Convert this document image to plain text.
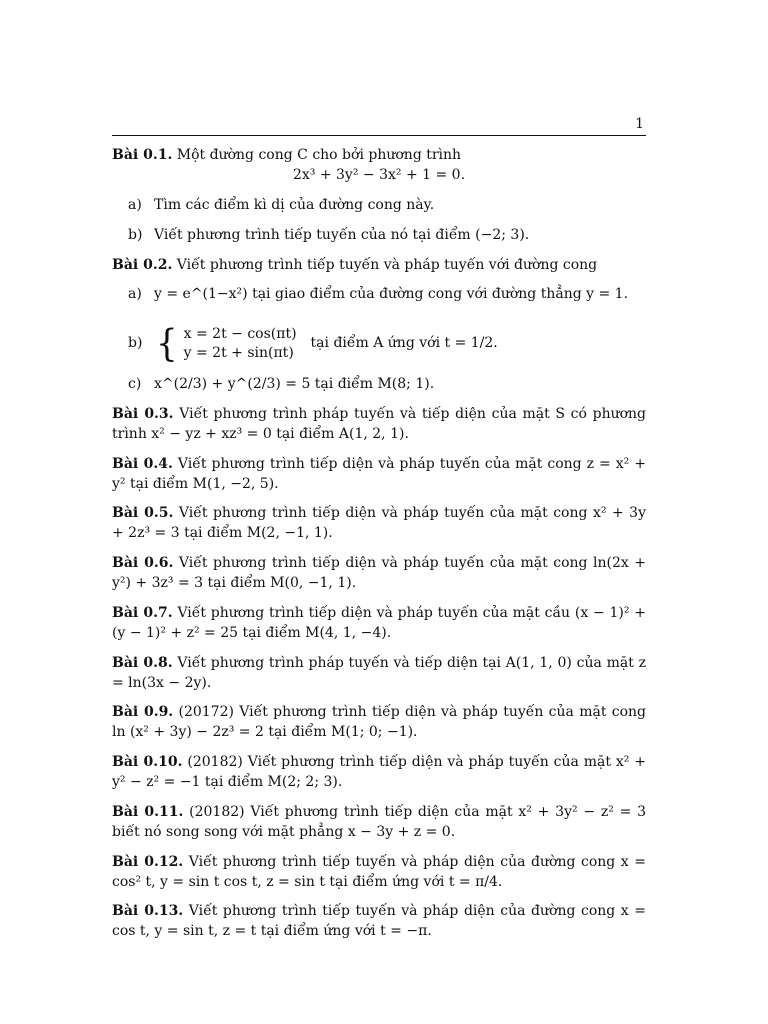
1
Bài 0.1. Một đường cong C cho bởi phương trình
2x³ + 3y² − 3x² + 1 = 0.
a) Tìm các điểm kì dị của đường cong này.
b) Viết phương trình tiếp tuyến của nó tại điểm (−2; 3).
Bài 0.2. Viết phương trình tiếp tuyến và pháp tuyến với đường cong
a) y = e^(1−x²) tại giao điểm của đường cong với đường thẳng y = 1.
b) { x = 2t − cos(πt)
y = 2t + sin(πt)
tại điểm A ứng với t = 1/2.
c) x^(2/3) + y^(2/3) = 5 tại điểm M(8; 1).
Bài 0.3. Viết phương trình pháp tuyến và tiếp diện của mặt S có phương trình x² − yz + xz³ = 0 tại điểm A(1, 2, 1).
Bài 0.4. Viết phương trình tiếp diện và pháp tuyến của mặt cong z = x² + y² tại điểm M(1, −2, 5).
Bài 0.5. Viết phương trình tiếp diện và pháp tuyến của mặt cong x² + 3y + 2z³ = 3 tại điểm M(2, −1, 1).
Bài 0.6. Viết phương trình tiếp diện và pháp tuyến của mặt cong ln(2x + y²) + 3z³ = 3 tại điểm M(0, −1, 1).
Bài 0.7. Viết phương trình tiếp diện và pháp tuyến của mặt cầu (x − 1)² + (y − 1)² + z² = 25 tại điểm M(4, 1, −4).
Bài 0.8. Viết phương trình pháp tuyến và tiếp diện tại A(1, 1, 0) của mặt z = ln(3x − 2y).
Bài 0.9. (20172) Viết phương trình tiếp diện và pháp tuyến của mặt cong ln (x² + 3y) − 2z³ = 2 tại điểm M(1; 0; −1).
Bài 0.10. (20182) Viết phương trình tiếp diện và pháp tuyến của mặt x² + y² − z² = −1 tại điểm M(2; 2; 3).
Bài 0.11. (20182) Viết phương trình tiếp diện của mặt x² + 3y² − z² = 3 biết nó song song với mặt phẳng x − 3y + z = 0.
Bài 0.12. Viết phương trình tiếp tuyến và pháp diện của đường cong x = cos² t, y = sin t cos t, z = sin t tại điểm ứng với t = π/4.
Bài 0.13. Viết phương trình tiếp tuyến và pháp diện của đường cong x = cos t, y = sin t, z = t tại điểm ứng với t = −π.
